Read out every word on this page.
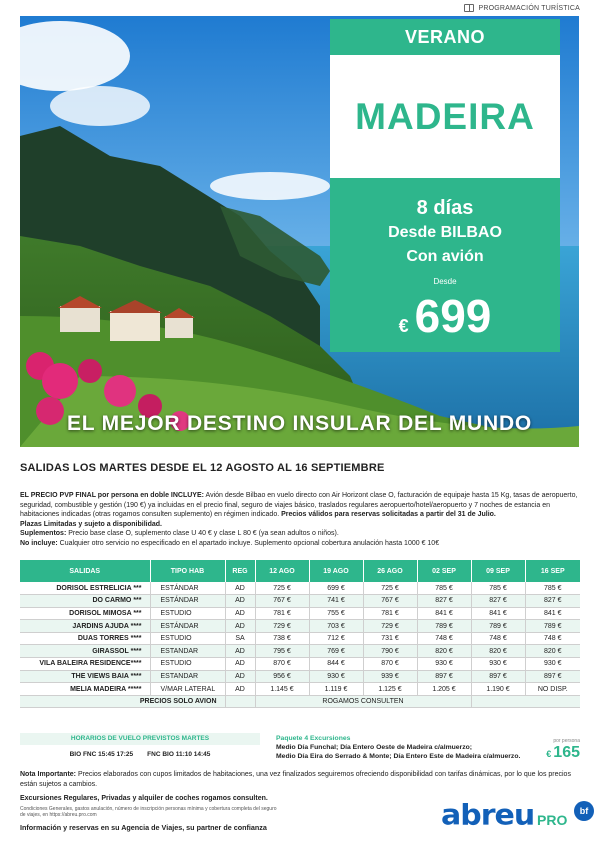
PROGRAMACIÓN TURÍSTICA
VERANO
MADEIRA
8 días
Desde BILBAO
Con avión
Desde
€ 699
EL MEJOR DESTINO INSULAR DEL MUNDO
SALIDAS LOS MARTES DESDE EL 12 AGOSTO AL 16 SEPTIEMBRE
EL PRECIO PVP FINAL por persona en doble INCLUYE: Avión desde Bilbao en vuelo directo con Air Horizont clase O, facturación de equipaje hasta 15 Kg, tasas de aeropuerto, seguridad, combustible y gestión (190 €) ya incluidas en el precio final, seguro de viajes básico, traslados regulares aeropuerto/hotel/aeropuerto y 7 noches de estancia en habitaciones indicadas (otras rogamos consulten suplemento) en régimen indicado. Precios válidos para reservas solicitadas a partir del 31 de Julio.
Plazas Limitadas y sujeto a disponibilidad.
Suplementos: Precio base clase O, suplemento clase U 40 € y clase L 80 € (ya sean adultos o niños).
No incluye: Cualquier otro servicio no especificado en el apartado incluye. Suplemento opcional cobertura anulación hasta 1000 € 10€
SALIDAS	TIPO HAB	REG	12 AGO	19 AGO	26 AGO	02 SEP	09 SEP	16 SEP
DORISOL ESTRELICIA ***	ESTÁNDAR	AD	725 €	699 €	725 €	785 €	785 €	785 €
DO CARMO ***	ESTÁNDAR	AD	767 €	741 €	767 €	827 €	827 €	827 €
DORISOL MIMOSA ***	ESTUDIO	AD	781 €	755 €	781 €	841 €	841 €	841 €
JARDINS AJUDA ****	ESTÁNDAR	AD	729 €	703 €	729 €	789 €	789 €	789 €
DUAS TORRES ****	ESTUDIO	SA	738 €	712 €	731 €	748 €	748 €	748 €
GIRASSOL ****	ESTANDAR	AD	795 €	769 €	790 €	820 €	820 €	820 €
VILA BALEIRA RESIDENCE****	ESTUDIO	AD	870 €	844 €	870 €	930 €	930 €	930 €
THE VIEWS BAIA ****	ESTANDAR	AD	956 €	930 €	939 €	897 €	897 €	897 €
MELIA MADEIRA *****	V/MAR LATERAL	AD	1.145 €	1.119 €	1.125 €	1.205 €	1.190 €	NO DISP.
PRECIOS SOLO AVION			ROGAMOS CONSULTEN					
HORARIOS DE VUELO PREVISTOS MARTES
BIO FNC 15:45 17:25 FNC BIO 11:10 14:45
Paquete 4 Excursiones
Medio Día Funchal; Día Entero Oeste de Madeira c/almuerzo;
Medio Día Eira do Serrado & Monte; Día Entero Este de Madeira c/almuerzo.
por persona
€ 165
Nota Importante: Precios elaborados con cupos limitados de habitaciones, una vez finalizados seguiremos ofreciendo disponibilidad con tarifas dinámicas, por lo que los precios están sujetos a cambios.
Excursiones Regulares, Privadas y alquiler de coches rogamos consulten.
Condiciones Generales, gastos anulación, número de inscripción personas mínima y cobertura completa del seguro de viajes, en https://abreu.pro.com
Información y reservas en su Agencia de Viajes, su partner de confianza	abreu PRO
bf
